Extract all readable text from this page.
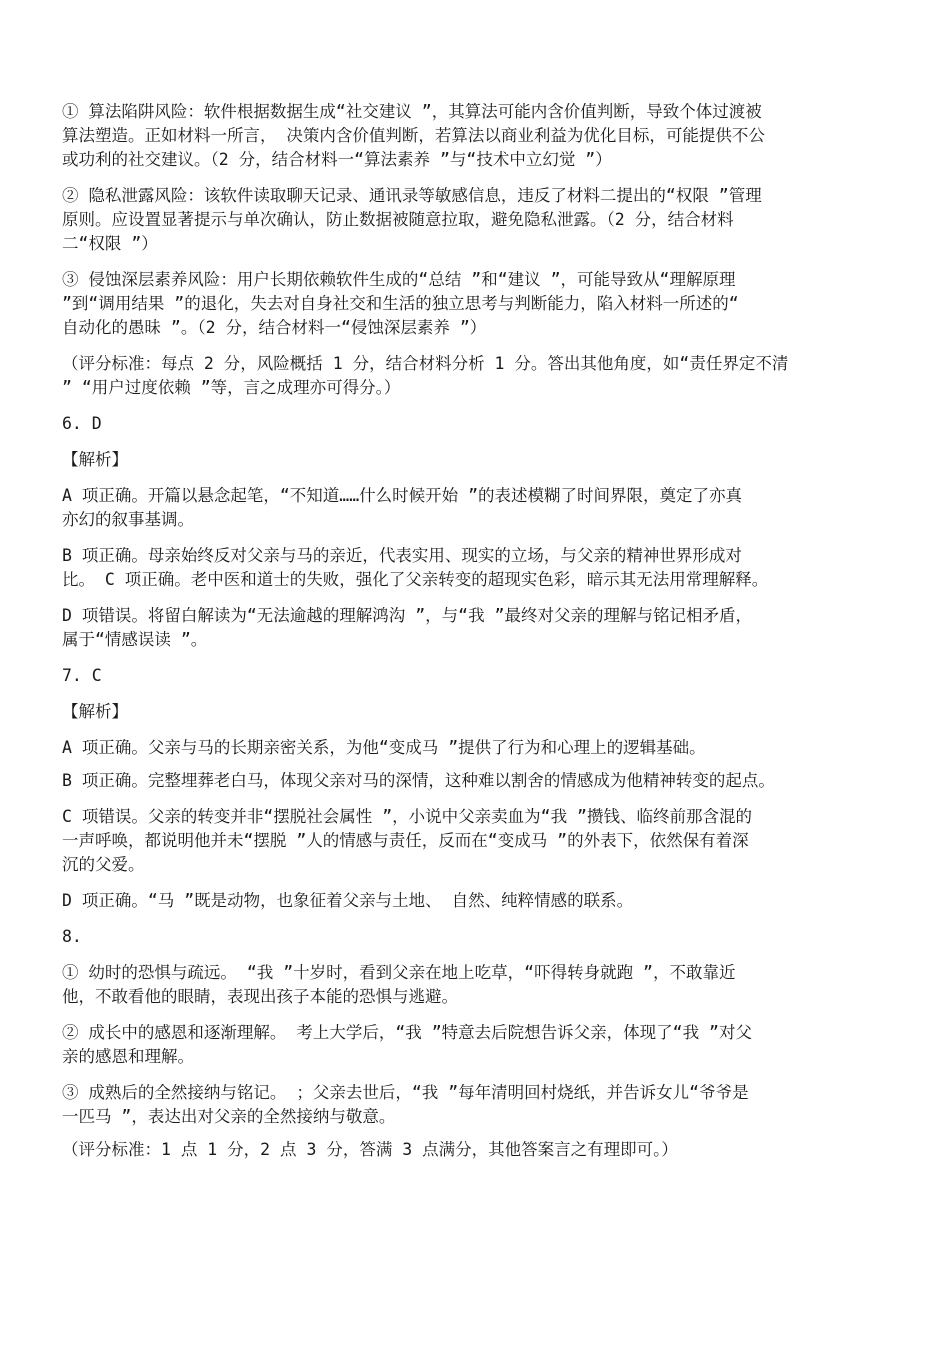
① 算法陷阱风险：软件根据数据生成“社交建议 ”，其算法可能内含价值判断，导致个体过渡被
算法塑造。正如材料一所言， 决策内含价值判断，若算法以商业利益为优化目标，可能提供不公
或功利的社交建议。（2 分，结合材料一“算法素养 ”与“技术中立幻觉 ”）
② 隐私泄露风险：该软件读取聊天记录、通讯录等敏感信息，违反了材料二提出的“权限 ”管理
原则。应设置显著提示与单次确认，防止数据被随意拉取，避免隐私泄露。（2 分，结合材料
二“权限 ”）
③ 侵蚀深层素养风险：用户长期依赖软件生成的“总结 ”和“建议 ”，可能导致从“理解原理
”到“调用结果 ”的退化，失去对自身社交和生活的独立思考与判断能力，陷入材料一所述的“
自动化的愚昧 ”。（2 分，结合材料一“侵蚀深层素养 ”）
（评分标准：每点 2 分，风险概括 1 分，结合材料分析 1 分。答出其他角度，如“责任界定不清
” “用户过度依赖 ”等，言之成理亦可得分。）
6. D
【解析】
A 项正确。开篇以悬念起笔，“不知道……什么时候开始 ”的表述模糊了时间界限，奠定了亦真
亦幻的叙事基调。
B 项正确。母亲始终反对父亲与马的亲近，代表实用、现实的立场，与父亲的精神世界形成对
比。 C 项正确。老中医和道士的失败，强化了父亲转变的超现实色彩，暗示其无法用常理解释。
D 项错误。将留白解读为“无法逾越的理解鸿沟 ”，与“我 ”最终对父亲的理解与铭记相矛盾，
属于“情感误读 ”。
7. C
【解析】
A 项正确。父亲与马的长期亲密关系，为他“变成马 ”提供了行为和心理上的逻辑基础。
B 项正确。完整埋葬老白马，体现父亲对马的深情，这种难以割舍的情感成为他精神转变的起点。
C 项错误。父亲的转变并非“摆脱社会属性 ”，小说中父亲卖血为“我 ”攒钱、临终前那含混的
一声呼唤，都说明他并未“摆脱 ”人的情感与责任，反而在“变成马 ”的外表下，依然保有着深
沉的父爱。
D 项正确。“马 ”既是动物，也象征着父亲与土地、 自然、纯粹情感的联系。
8.
① 幼时的恐惧与疏远。 “我 ”十岁时，看到父亲在地上吃草，“吓得转身就跑 ”，不敢靠近
他，不敢看他的眼睛，表现出孩子本能的恐惧与逃避。
② 成长中的感恩和逐渐理解。 考上大学后，“我 ”特意去后院想告诉父亲，体现了“我 ”对父
亲的感恩和理解。
③ 成熟后的全然接纳与铭记。 ；父亲去世后，“我 ”每年清明回村烧纸，并告诉女儿“爷爷是
一匹马 ”，表达出对父亲的全然接纳与敬意。
（评分标准：1 点 1 分，2 点 3 分，答满 3 点满分，其他答案言之有理即可。）
